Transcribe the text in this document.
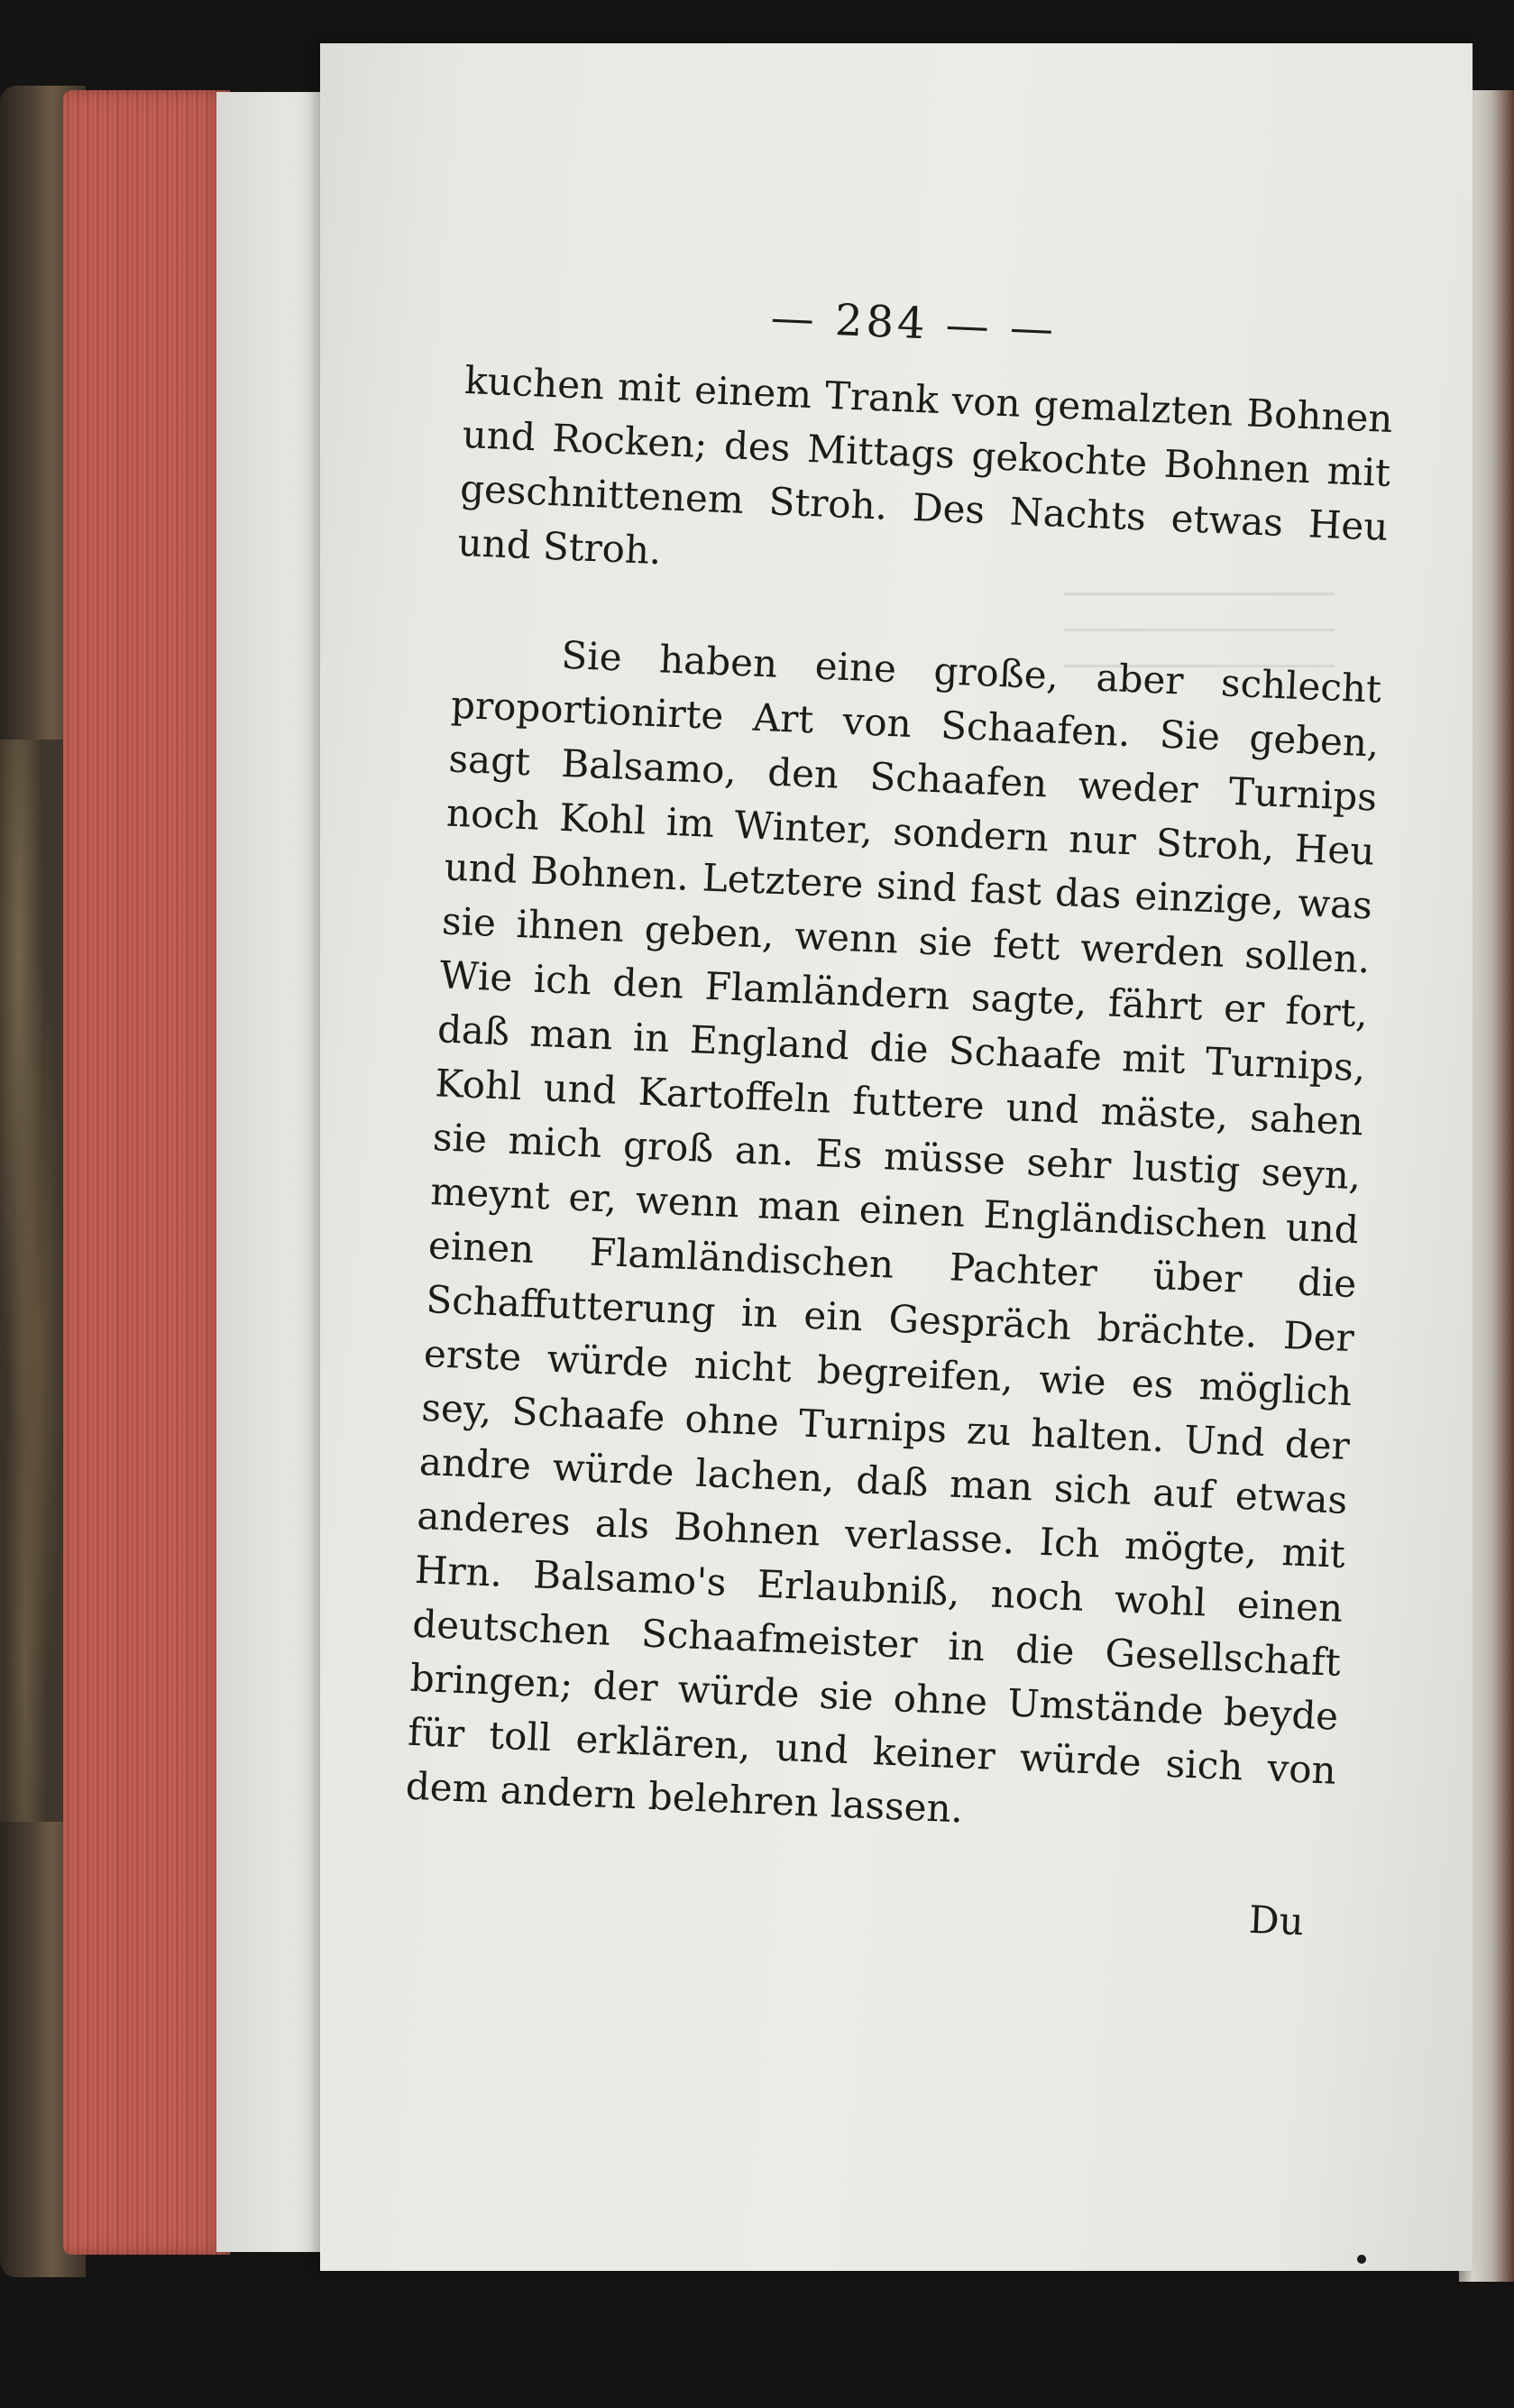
— 284 — —

kuchen mit einem Trank von gemalzten Bohnen und Rocken; des Mittags gekochte Bohnen mit geschnittenem Stroh. Des Nachts etwas Heu und Stroh.

Sie haben eine große, aber schlecht proportionirte Art von Schaafen. Sie geben, sagt Balsamo, den Schaafen weder Turnips noch Kohl im Winter, sondern nur Stroh, Heu und Bohnen. Letztere sind fast das einzige, was sie ihnen geben, wenn sie fett werden sollen. Wie ich den Flamländern sagte, fährt er fort, daß man in England die Schaafe mit Turnips, Kohl und Kartoffeln futtere und mäste, sahen sie mich groß an. Es müsse sehr lustig seyn, meynt er, wenn man einen Engländischen und einen Flamländischen Pachter über die Schaffutterung in ein Gespräch brächte. Der erste würde nicht begreifen, wie es möglich sey, Schaafe ohne Turnips zu halten. Und der andre würde lachen, daß man sich auf etwas anderes als Bohnen verlasse. Ich mögte, mit Hrn. Balsamo's Erlaubniß, noch wohl einen deutschen Schaafmeister in die Gesellschaft bringen; der würde sie ohne Umstände beyde für toll erklären, und keiner würde sich von dem andern belehren lassen.

Du
